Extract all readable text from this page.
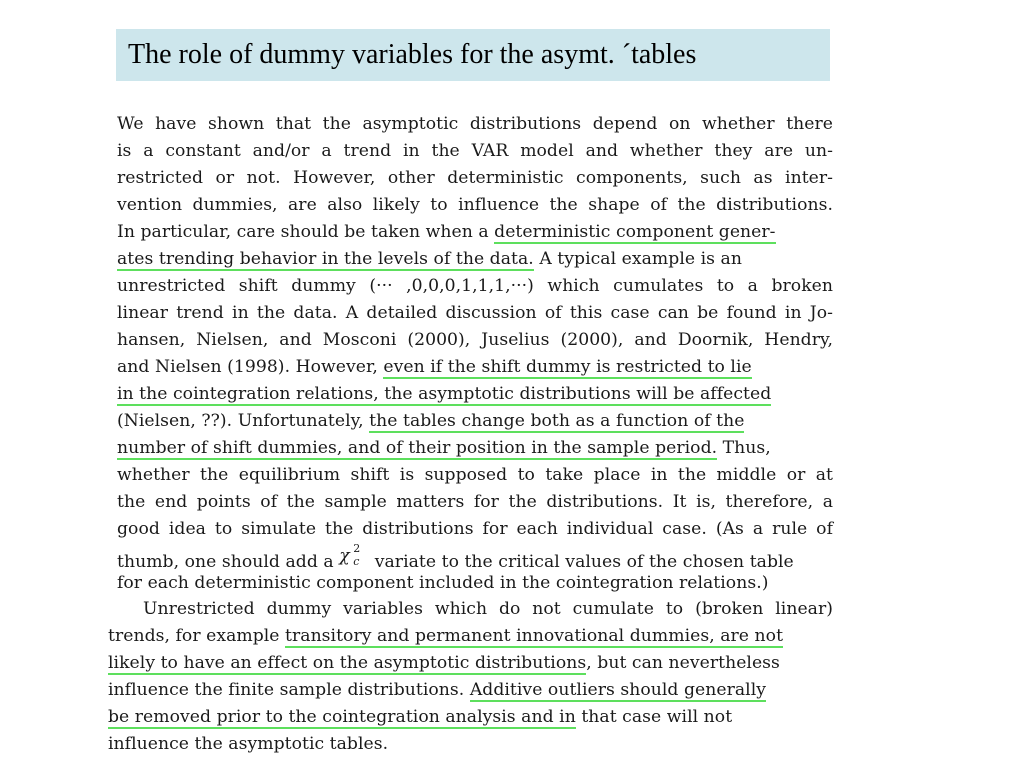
The role of dummy variables for the asymt. ´tables
We have shown that the asymptotic distributions depend on whether there
is a constant and/or a trend in the VAR model and whether they are un-
restricted or not. However, other deterministic components, such as inter-
vention dummies, are also likely to influence the shape of the distributions.
In particular, care should be taken when a deterministic component gener-
ates trending behavior in the levels of the data. A typical example is an
unrestricted shift dummy (··· ,0,0,0,1,1,1,···) which cumulates to a broken
linear trend in the data. A detailed discussion of this case can be found in Jo-
hansen, Nielsen, and Mosconi (2000), Juselius (2000), and Doornik, Hendry,
and Nielsen (1998). However, even if the shift dummy is restricted to lie
in the cointegration relations, the asymptotic distributions will be affected
(Nielsen, ??). Unfortunately, the tables change both as a function of the
number of shift dummies, and of their position in the sample period. Thus,
whether the equilibrium shift is supposed to take place in the middle or at
the end points of the sample matters for the distributions. It is, therefore, a
good idea to simulate the distributions for each individual case. (As a rule of
thumb, one should add a χ 2
c variate to the critical values of the chosen table
for each deterministic component included in the cointegration relations.)
Unrestricted dummy variables which do not cumulate to (broken linear)
trends, for example transitory and permanent innovational dummies, are not
likely to have an effect on the asymptotic distributions, but can nevertheless
influence the finite sample distributions. Additive outliers should generally
be removed prior to the cointegration analysis and in that case will not
influence the asymptotic tables.
